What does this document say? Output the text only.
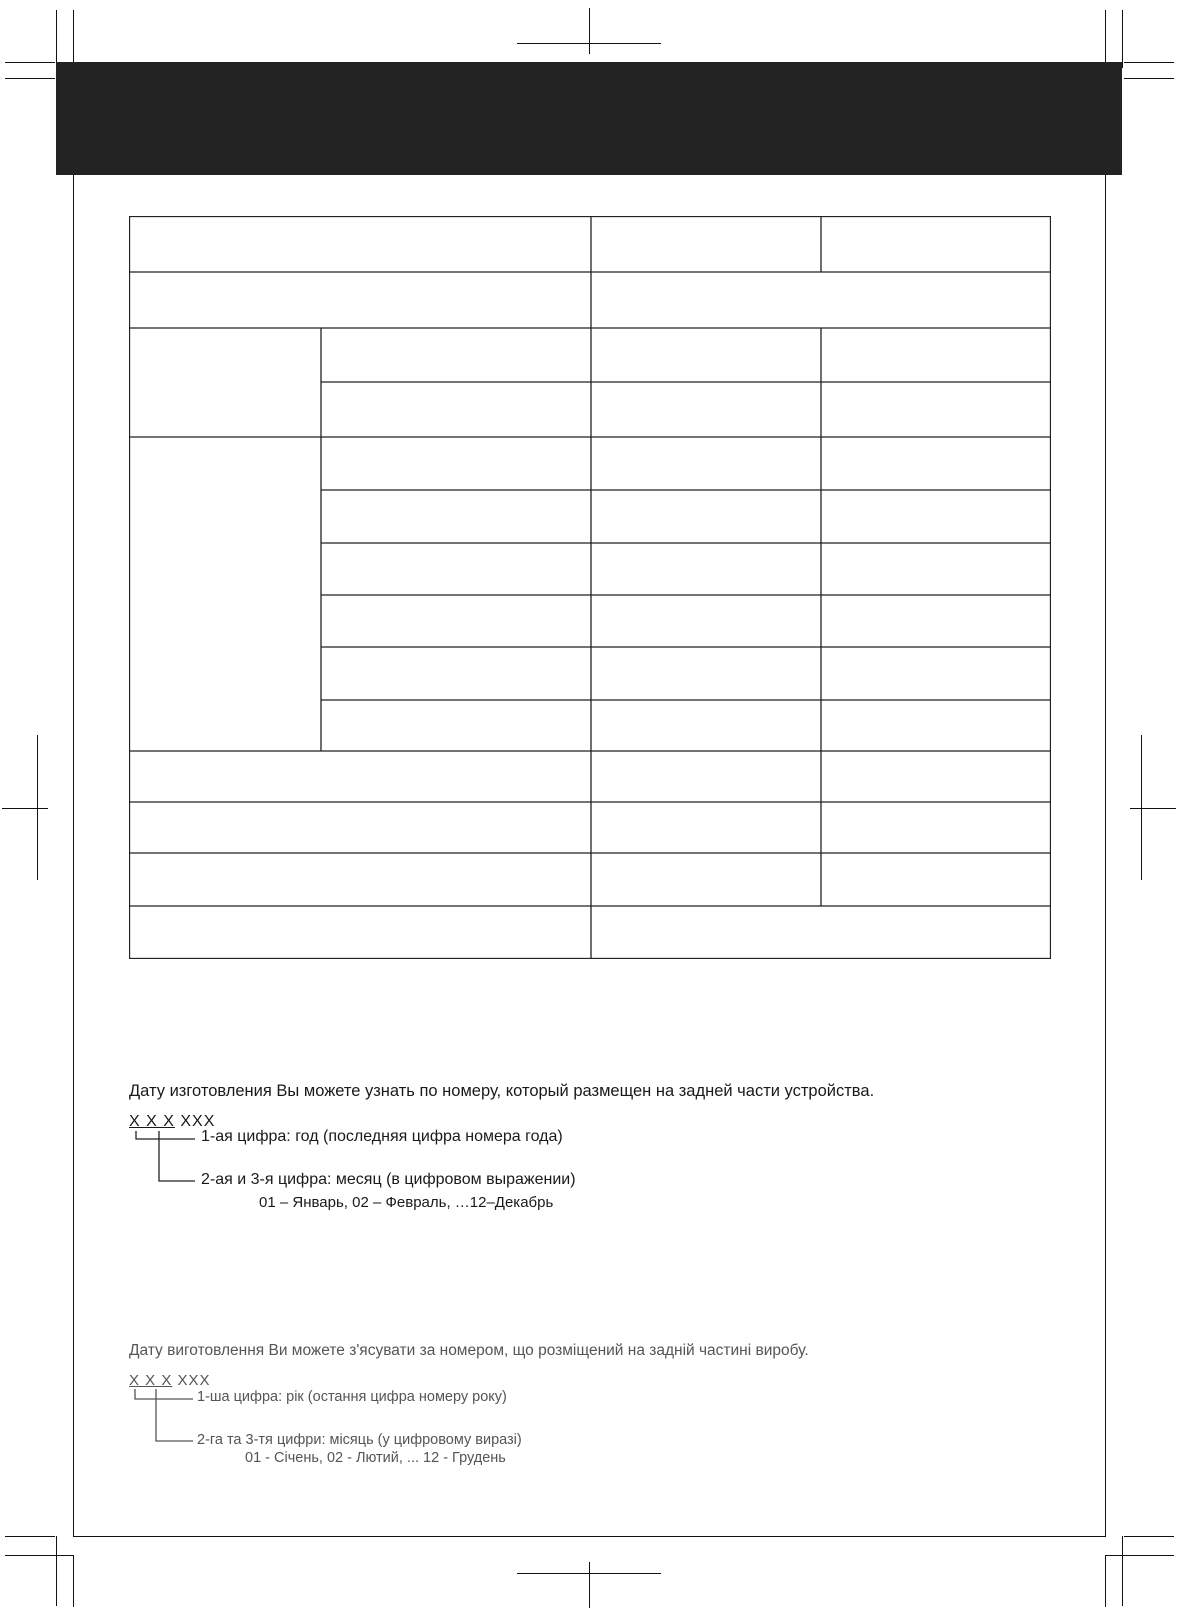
Дату изготовления Вы можете узнать по номеру, который размещен на задней части устройства.
X X X XXX
1-ая цифра: год (последняя цифра номера года)
2-ая и 3-я цифра: месяц (в цифровом выражении)
01 – Январь, 02 – Февраль, …12–Декабрь
Дату виготовлення Ви можете з'ясувати за номером, що розміщений на задній частині виробу.
X X X XXX
1-ша цифра: рік (остання цифра номеру року)
2-га та 3-тя цифри: місяць (у цифровому виразі)
01 - Січень, 02 - Лютий, ... 12 - Грудень
